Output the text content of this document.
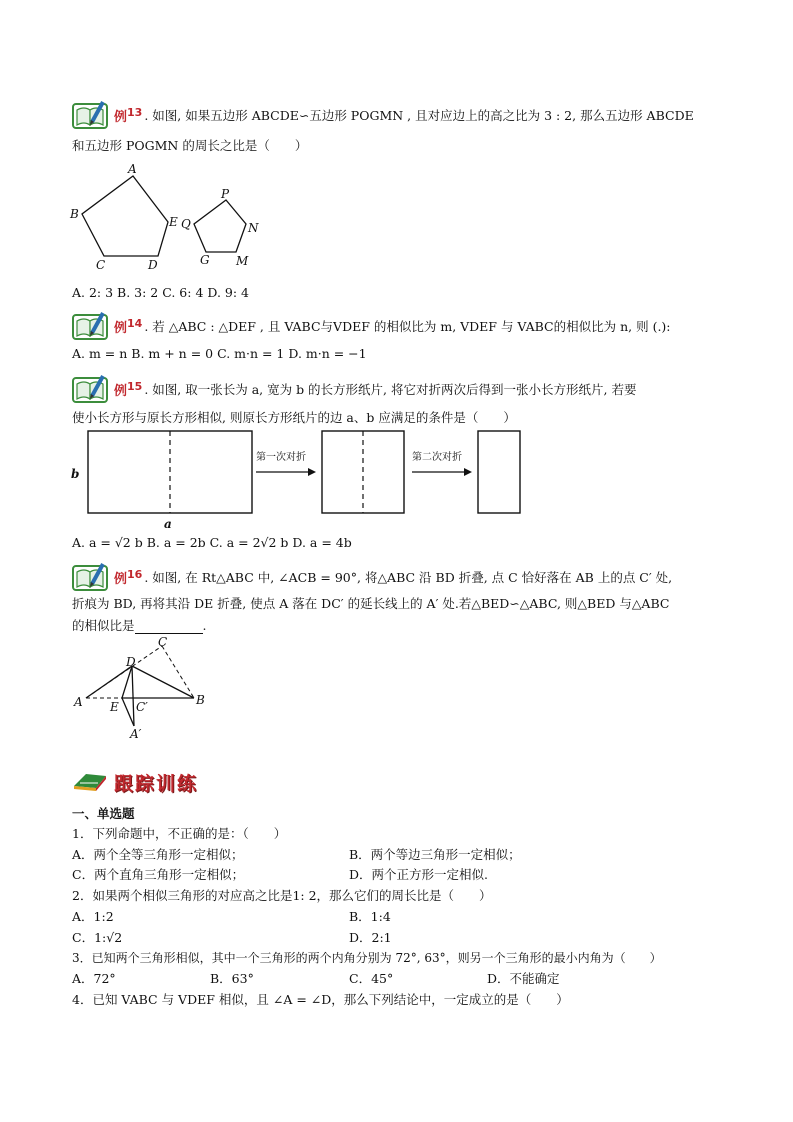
例 13 . 如图, 如果五边形 ABCDE∽五边形 POGMN , 且对应边上的高之比为 3 : 2, 那么五边形 ABCDE
和五边形 POGMN 的周长之比是（　　）
A
B
C	D
E Q
P
N
G M
A. 2: 3 B. 3: 2 C. 6: 4 D. 9: 4
例 14 . 若 △ABC : △DEF , 且 VABC与VDEF 的相似比为 m, VDEF 与 VABC的相似比为 n, 则 (.):
A. m = n B. m + n = 0 C. m·n = 1 D. m·n = −1
例 15 . 如图, 取一张长为 a, 宽为 b 的长方形纸片, 将它对折两次后得到一张小长方形纸片, 若要
使小长方形与原长方形相似, 则原长方形纸片的边 a、b 应满足的条件是（　　）
b
a
第一次对折	第二次对折
A. a = √2 b B. a = 2b C. a = 2√2 b D. a = 4b
例 16 . 如图, 在 Rt△ABC 中, ∠ACB = 90°, 将△ABC 沿 BD 折叠, 点 C 恰好落在 AB 上的点 C′ 处,
折痕为 BD, 再将其沿 DE 折叠, 使点 A 落在 DC′ 的延长线上的 A′ 处.若△BED∽△ABC, 则△BED 与△ABC
的相似比是	.
C
D
A E C′	B
A′
跟踪训练
一、单选题
1．下列命题中，不正确的是：（　　）
A．两个全等三角形一定相似；	B．两个等边三角形一定相似；
C．两个直角三角形一定相似；	D．两个正方形一定相似.
2．如果两个相似三角形的对应高之比是1: 2，那么它们的周长比是（　　）
A．1:2	B．1:4
C．1:√2	D．2:1
3．已知两个三角形相似，其中一个三角形的两个内角分别为 72°, 63°，则另一个三角形的最小内角为（　　）
A．72°	B．63°	C．45°	D．不能确定
4．已知 VABC 与 VDEF 相似，且 ∠A = ∠D，那么下列结论中，一定成立的是（　　）
